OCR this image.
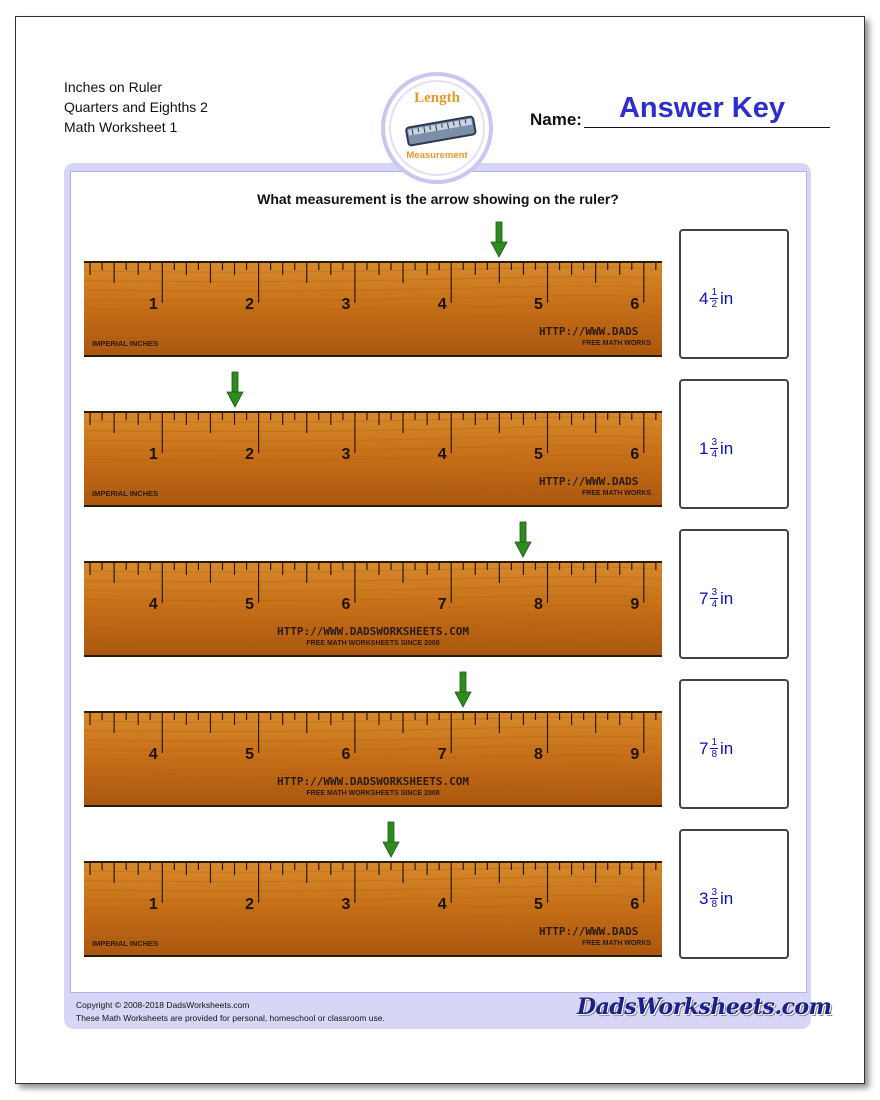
Inches on Ruler
Quarters and Eighths 2
Math Worksheet 1
Length
Measurement
Name:	Answer Key
What measurement is the arrow showing on the ruler?
1	2	3	4	5	6
IMPERIAL INCHES
HTTP://WWW.DADS
FREE MATH WORKS
$4 \frac{1}{2}$ in
1	2	3	4	5	6
IMPERIAL INCHES
HTTP://WWW.DADS
FREE MATH WORKS
$1 \frac{3}{4}$ in
4	5	6	7	8	9
HTTP://WWW.DADSWORKSHEETS.COM
FREE MATH WORKSHEETS SINCE 2008
$7 \frac{3}{4}$ in
4	5	6	7	8	9
HTTP://WWW.DADSWORKSHEETS.COM
FREE MATH WORKSHEETS SINCE 2008
$7 \frac{1}{8}$ in
1	2	3	4	5	6
IMPERIAL INCHES
HTTP://WWW.DADS
FREE MATH WORKS
$3 \frac{3}{8}$ in
Copyright © 2008-2018 DadsWorksheets.com
These Math Worksheets are provided for personal, homeschool or classroom use.	DadsWorksheets.com
